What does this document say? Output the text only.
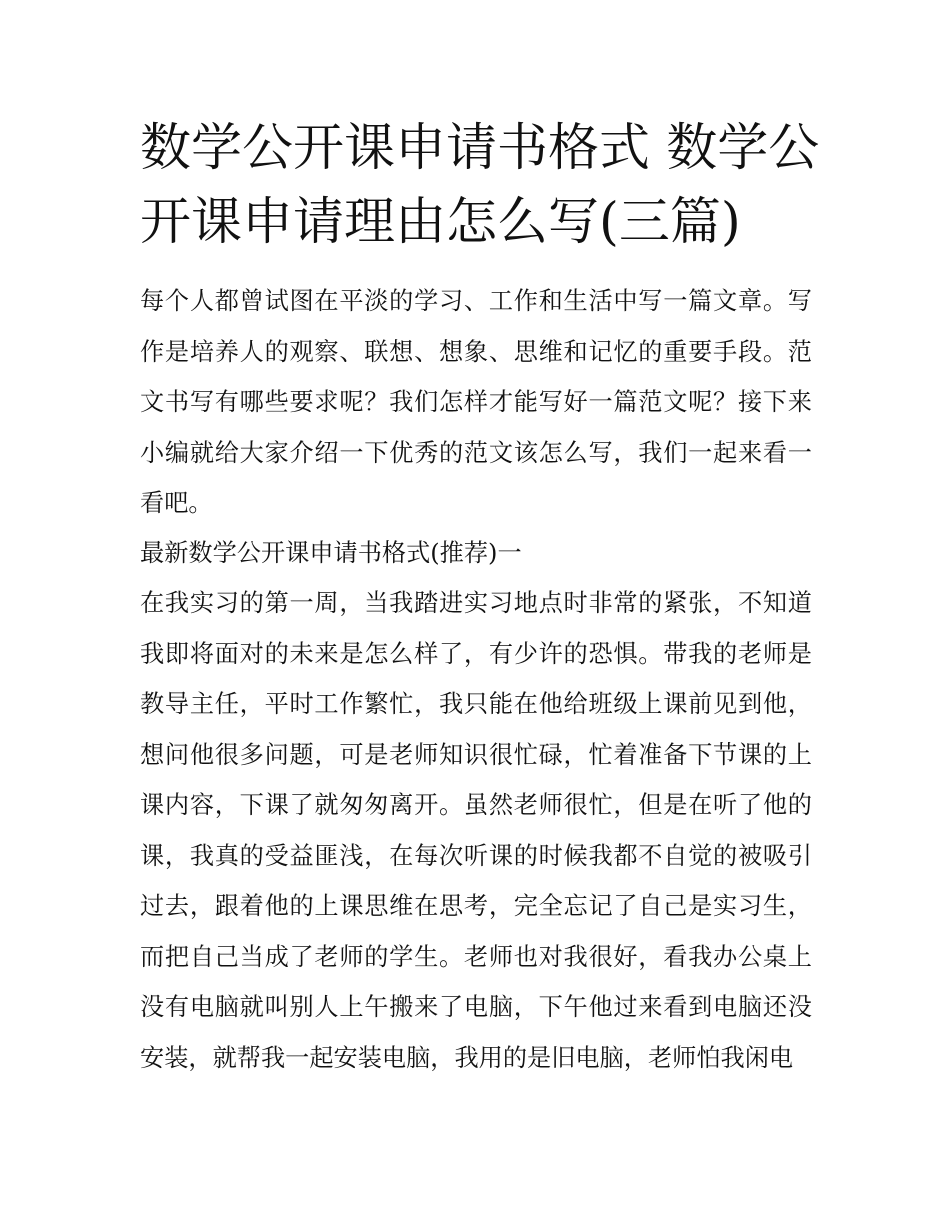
数学公开课申请书格式 数学公开课申请理由怎么写(三篇)

每个人都曾试图在平淡的学习、工作和生活中写一篇文章。写作是培养人的观察、联想、想象、思维和记忆的重要手段。范文书写有哪些要求呢？我们怎样才能写好一篇范文呢？接下来小编就给大家介绍一下优秀的范文该怎么写，我们一起来看一看吧。

最新数学公开课申请书格式(推荐)一

在我实习的第一周，当我踏进实习地点时非常的紧张，不知道我即将面对的未来是怎么样了，有少许的恐惧。带我的老师是教导主任，平时工作繁忙，我只能在他给班级上课前见到他，想问他很多问题，可是老师知识很忙碌，忙着准备下节课的上课内容，下课了就匆匆离开。虽然老师很忙，但是在听了他的课，我真的受益匪浅，在每次听课的时候我都不自觉的被吸引过去，跟着他的上课思维在思考，完全忘记了自己是实习生，而把自己当成了老师的学生。老师也对我很好，看我办公桌上没有电脑就叫别人上午搬来了电脑，下午他过来看到电脑还没安装，就帮我一起安装电脑，我用的是旧电脑，老师怕我闲电
